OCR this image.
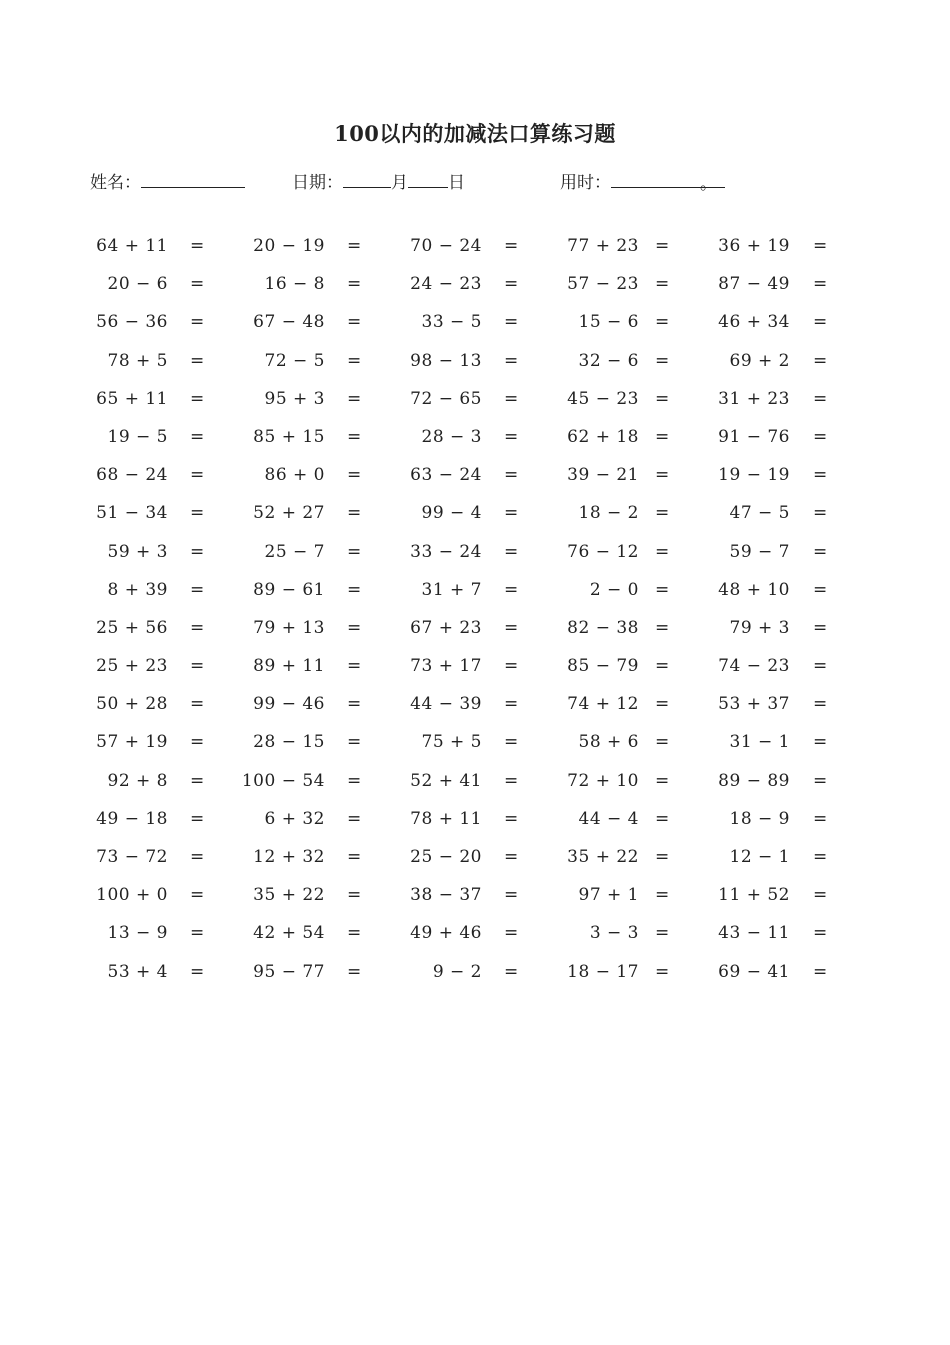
100以内的加减法口算练习题
姓名：	日期：	月 日	用时：	。
64 + 11 =	20 − 19 =	70 − 24 =	77 + 23 =	36 + 19 =
20 − 6 =	16 − 8 =	24 − 23 =	57 − 23 =	87 − 49 =
56 − 36 =	67 − 48 =	33 − 5 =	15 − 6 =	46 + 34 =
78 + 5 =	72 − 5 =	98 − 13 =	32 − 6 =	69 + 2 =
65 + 11 =	95 + 3 =	72 − 65 =	45 − 23 =	31 + 23 =
19 − 5 =	85 + 15 =	28 − 3 =	62 + 18 =	91 − 76 =
68 − 24 =	86 + 0 =	63 − 24 =	39 − 21 =	19 − 19 =
51 − 34 =	52 + 27 =	99 − 4 =	18 − 2 =	47 − 5 =
59 + 3 =	25 − 7 =	33 − 24 =	76 − 12 =	59 − 7 =
8 + 39 =	89 − 61 =	31 + 7 =	2 − 0 =	48 + 10 =
25 + 56 =	79 + 13 =	67 + 23 =	82 − 38 =	79 + 3 =
25 + 23 =	89 + 11 =	73 + 17 =	85 − 79 =	74 − 23 =
50 + 28 =	99 − 46 =	44 − 39 =	74 + 12 =	53 + 37 =
57 + 19 =	28 − 15 =	75 + 5 =	58 + 6 =	31 − 1 =
92 + 8 =	100 − 54 =	52 + 41 =	72 + 10 =	89 − 89 =
49 − 18 =	6 + 32 =	78 + 11 =	44 − 4 =	18 − 9 =
73 − 72 =	12 + 32 =	25 − 20 =	35 + 22 =	12 − 1 =
100 + 0 =	35 + 22 =	38 − 37 =	97 + 1 =	11 + 52 =
13 − 9 =	42 + 54 =	49 + 46 =	3 − 3 =	43 − 11 =
53 + 4 =	95 − 77 =	9 − 2 =	18 − 17 =	69 − 41 =
